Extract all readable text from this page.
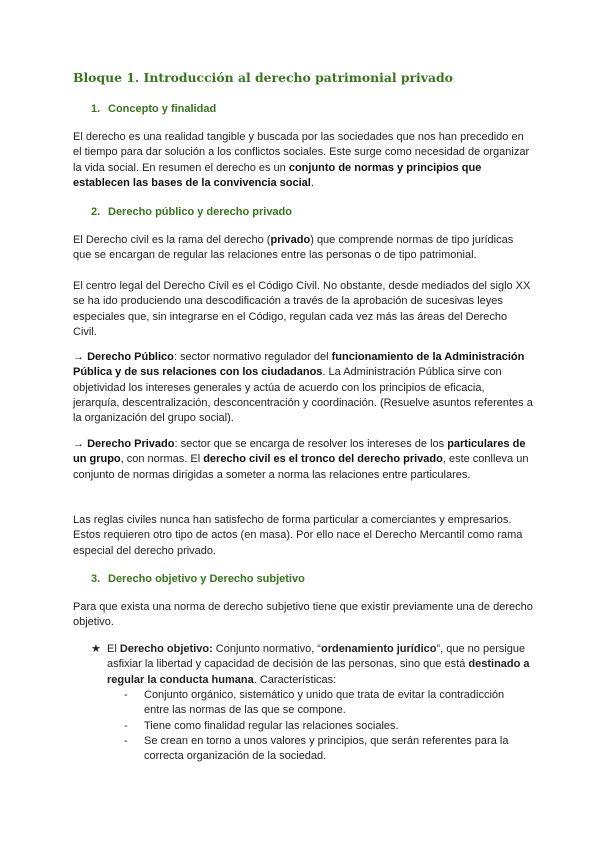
Bloque 1. Introducción al derecho patrimonial privado
1. Concepto y finalidad

El derecho es una realidad tangible y buscada por las sociedades que nos han precedido en el tiempo para dar solución a los conflictos sociales. Este surge como necesidad de organizar la vida social. En resumen el derecho es un conjunto de normas y principios que establecen las bases de la convivencia social.

2. Derecho público y derecho privado

El Derecho civil es la rama del derecho (privado) que comprende normas de tipo jurídicas que se encargan de regular las relaciones entre las personas o de tipo patrimonial.

El centro legal del Derecho Civil es el Código Civil. No obstante, desde mediados del siglo XX se ha ido produciendo una descodificación a través de la aprobación de sucesivas leyes especiales que, sin integrarse en el Código, regulan cada vez más las áreas del Derecho Civil.

→ Derecho Público: sector normativo regulador del funcionamiento de la Administración Pública y de sus relaciones con los ciudadanos. La Administración Pública sirve con objetividad los intereses generales y actúa de acuerdo con los principios de eficacia, jerarquía, descentralización, desconcentración y coordinación. (Resuelve asuntos referentes a la organización del grupo social).

→ Derecho Privado: sector que se encarga de resolver los intereses de los particulares de un grupo, con normas. El derecho civil es el tronco del derecho privado, este conlleva un conjunto de normas dirigidas a someter a norma las relaciones entre particulares.

Las reglas civiles nunca han satisfecho de forma particular a comerciantes y empresarios. Estos requieren otro tipo de actos (en masa). Por ello nace el Derecho Mercantil como rama especial del derecho privado.

3. Derecho objetivo y Derecho subjetivo

Para que exista una norma de derecho subjetivo tiene que existir previamente una de derecho objetivo.

★ El Derecho objetivo: Conjunto normativo, “ordenamiento jurídico”, que no persigue asfixiar la libertad y capacidad de decisión de las personas, sino que está destinado a regular la conducta humana. Características:

- Conjunto orgánico, sistemático y unido que trata de evitar la contradicción entre las normas de las que se compone.
- Tiene como finalidad regular las relaciones sociales.
- Se crean en torno a unos valores y principios, que serán referentes para la correcta organización de la sociedad.
